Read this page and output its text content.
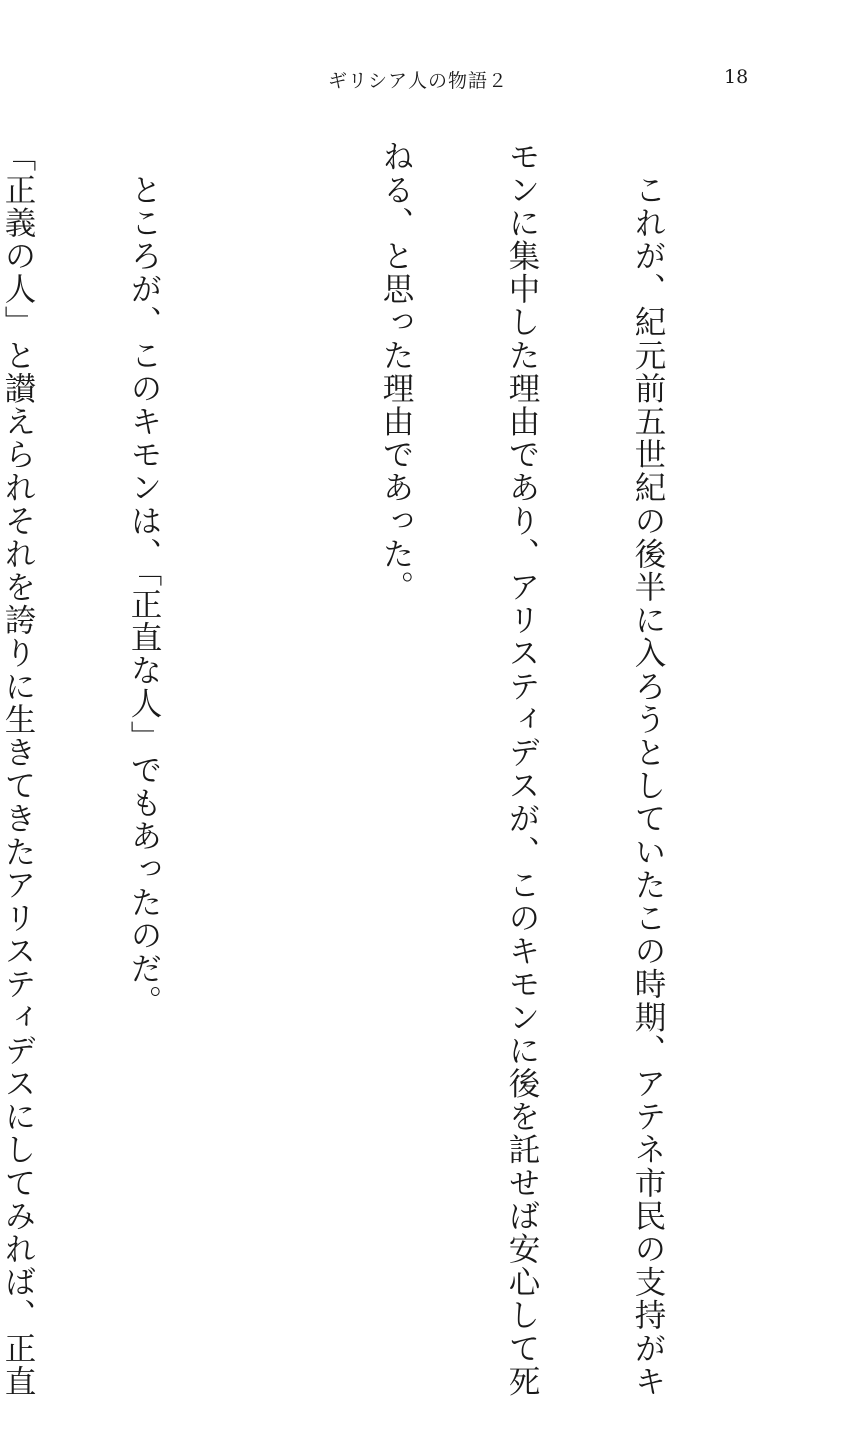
ギリシア人の物語２	18

　これが、紀元前五世紀の後半に入ろうとしていたこの時期、アテネ市民の支持がキ

モンに集中した理由であり、アリスティデスが、このキモンに後を託せば安心して死

ねる、と思った理由であった。

　ところが、このキモンは、「正直な人」でもあったのだ。

「正義の人」と讃えられそれを誇りに生きてきたアリスティデスにしてみれば、正直
